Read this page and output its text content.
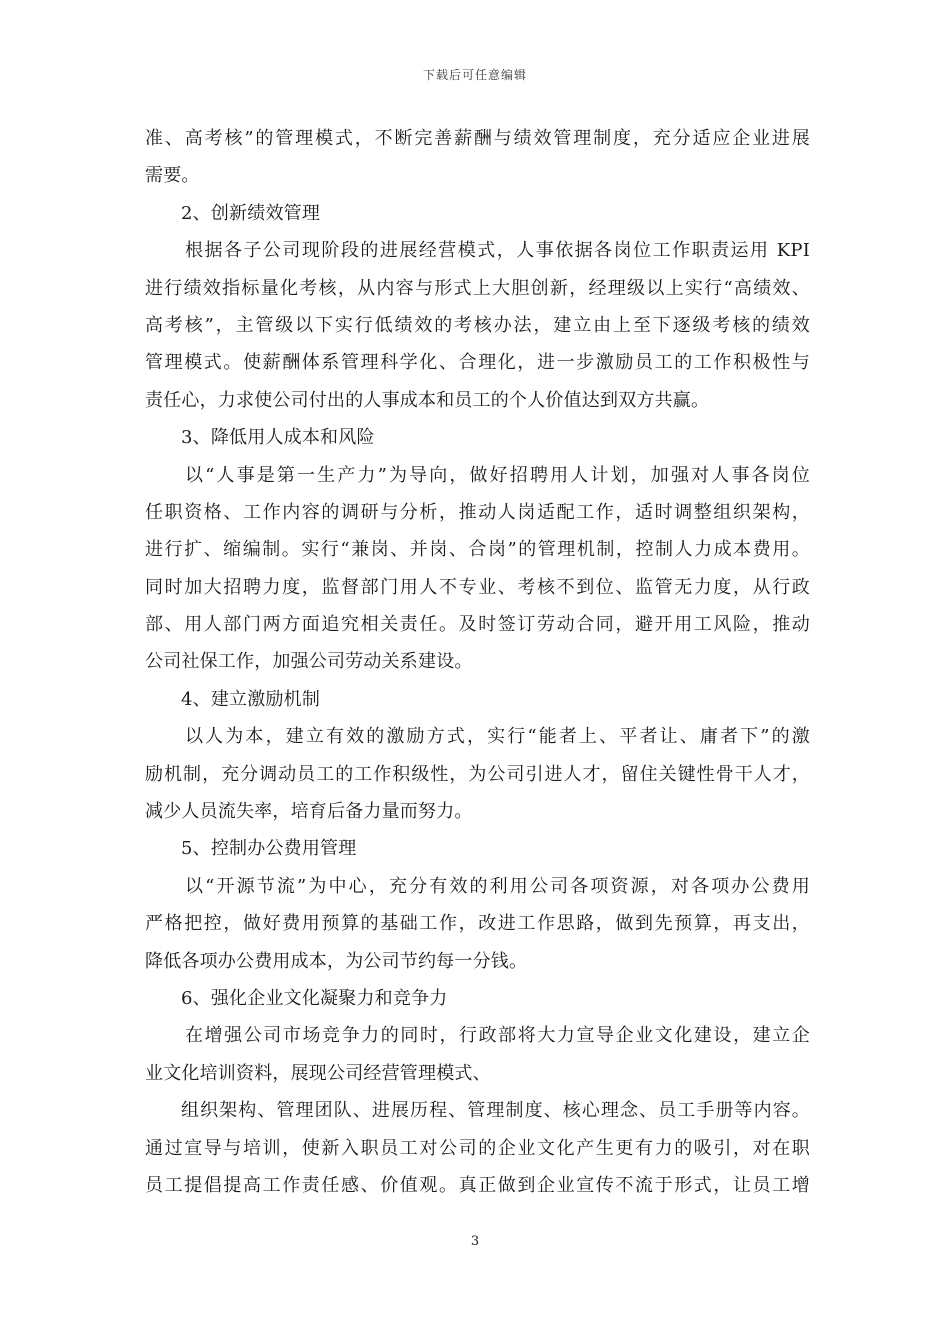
下载后可任意编辑
准、高考核”的管理模式，不断完善薪酬与绩效管理制度，充分适应企业进展
需要。
2、创新绩效管理
根据各子公司现阶段的进展经营模式，人事依据各岗位工作职责运用 KPI
进行绩效指标量化考核，从内容与形式上大胆创新，经理级以上实行“高绩效、
高考核”，主管级以下实行低绩效的考核办法，建立由上至下逐级考核的绩效
管理模式。使薪酬体系管理科学化、合理化，进一步激励员工的工作积极性与
责任心，力求使公司付出的人事成本和员工的个人价值达到双方共赢。
3、降低用人成本和风险
以“人事是第一生产力”为导向，做好招聘用人计划，加强对人事各岗位
任职资格、工作内容的调研与分析，推动人岗适配工作，适时调整组织架构，
进行扩、缩编制。实行“兼岗、并岗、合岗”的管理机制，控制人力成本费用。
同时加大招聘力度，监督部门用人不专业、考核不到位、监管无力度，从行政
部、用人部门两方面追究相关责任。及时签订劳动合同，避开用工风险，推动
公司社保工作，加强公司劳动关系建设。
4、建立激励机制
以人为本，建立有效的激励方式，实行“能者上、平者让、庸者下”的激
励机制，充分调动员工的工作积级性，为公司引进人才，留住关键性骨干人才，
减少人员流失率，培育后备力量而努力。
5、控制办公费用管理
以“开源节流”为中心，充分有效的利用公司各项资源，对各项办公费用
严格把控，做好费用预算的基础工作，改进工作思路，做到先预算，再支出，
降低各项办公费用成本，为公司节约每一分钱。
6、强化企业文化凝聚力和竞争力
在增强公司市场竞争力的同时，行政部将大力宣导企业文化建设，建立企
业文化培训资料，展现公司经营管理模式、
组织架构、管理团队、进展历程、管理制度、核心理念、员工手册等内容。
通过宣导与培训，使新入职员工对公司的企业文化产生更有力的吸引，对在职
员工提倡提高工作责任感、价值观。真正做到企业宣传不流于形式，让员工增
3
